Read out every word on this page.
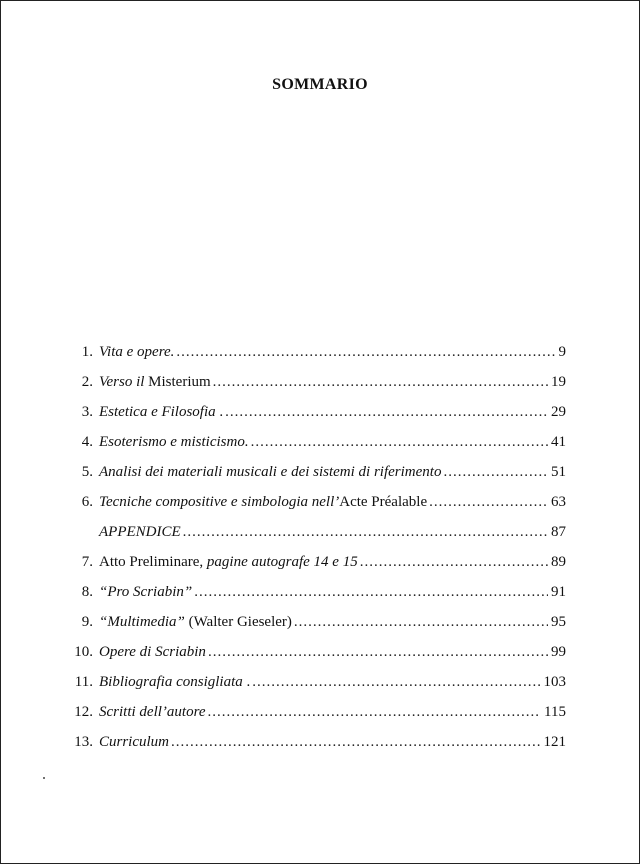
SOMMARIO
1. Vita e opere. .....	9
2. Verso il Misterium .....	19
3. Estetica e Filosofia . .....	29
4. Esoterismo e misticismo. .....	41
5. Analisi dei materiali musicali e dei sistemi di riferimento .....	51
6. Tecniche compositive e simbologia nell’Acte Préalable .....	63
APPENDICE .....	87
7. Atto Preliminare, pagine autografe 14 e 15 .....	89
8. “Pro Scriabin” .....	91
9. “Multimedia” (Walter Gieseler) .....	95
10. Opere di Scriabin .....	99
11. Bibliografia consigliata . .....	103
12. Scritti dell’autore .....	115
13. Curriculum .....	121
